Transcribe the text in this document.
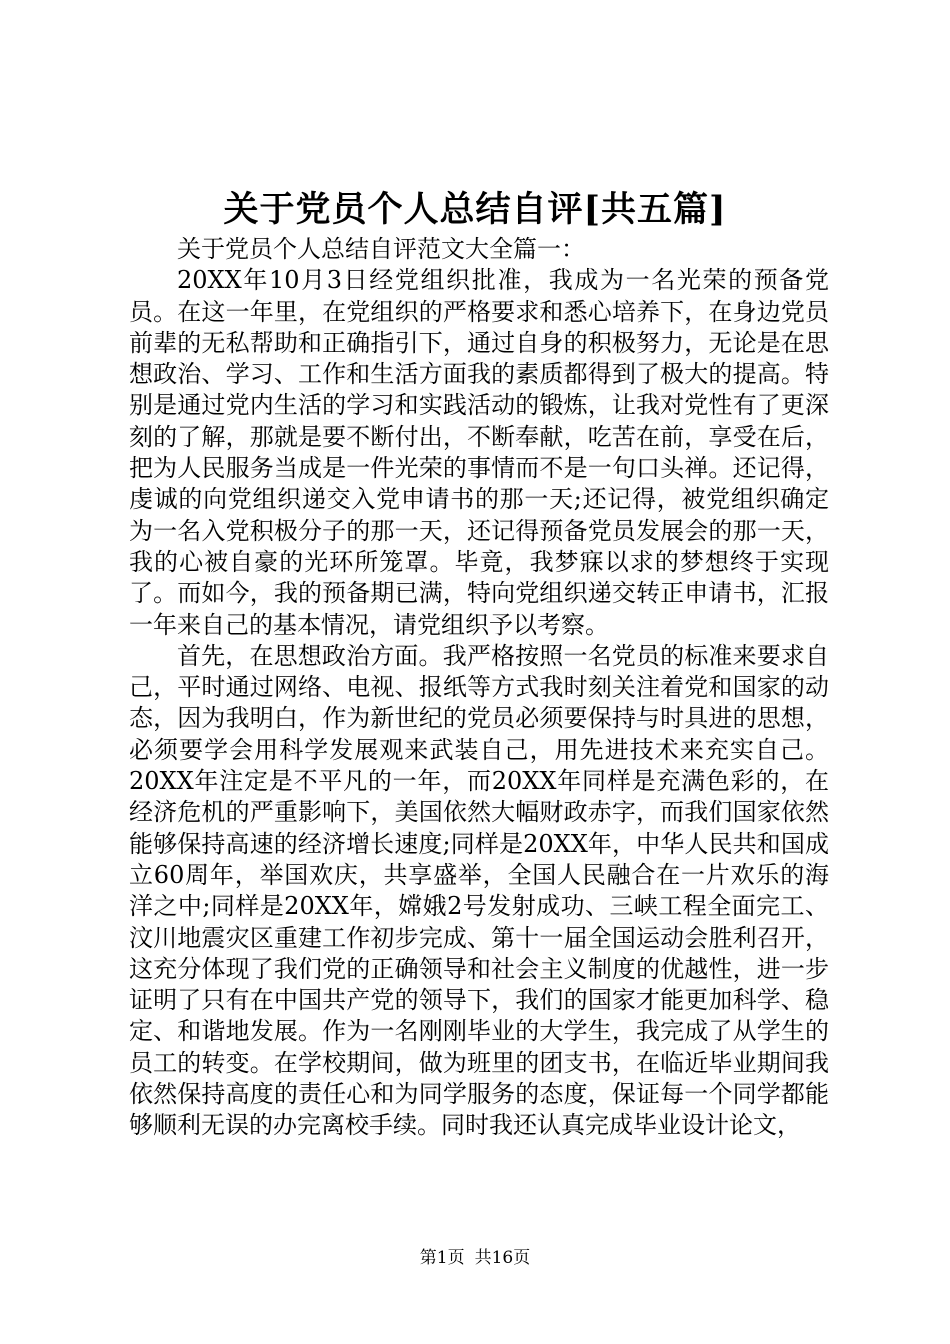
关于党员个人总结自评[共五篇]

关于党员个人总结自评范文大全篇一：

20XX年10月3日经党组织批准，我成为一名光荣的预备党员。在这一年里，在党组织的严格要求和悉心培养下，在身边党员前辈的无私帮助和正确指引下，通过自身的积极努力，无论是在思想政治、学习、工作和生活方面我的素质都得到了极大的提高。特别是通过党内生活的学习和实践活动的锻炼，让我对党性有了更深刻的了解，那就是要不断付出，不断奉献，吃苦在前，享受在后，把为人民服务当成是一件光荣的事情而不是一句口头禅。还记得，虔诚的向党组织递交入党申请书的那一天;还记得，被党组织确定为一名入党积极分子的那一天，还记得预备党员发展会的那一天，我的心被自豪的光环所笼罩。毕竟，我梦寐以求的梦想终于实现了。而如今，我的预备期已满，特向党组织递交转正申请书，汇报一年来自己的基本情况，请党组织予以考察。

首先，在思想政治方面。我严格按照一名党员的标准来要求自己，平时通过网络、电视、报纸等方式我时刻关注着党和国家的动态，因为我明白，作为新世纪的党员必须要保持与时具进的思想，必须要学会用科学发展观来武装自己，用先进技术来充实自己。20XX年注定是不平凡的一年，而20XX年同样是充满色彩的，在经济危机的严重影响下，美国依然大幅财政赤字，而我们国家依然能够保持高速的经济增长速度;同样是20XX年，中华人民共和国成立60周年，举国欢庆，共享盛举，全国人民融合在一片欢乐的海洋之中;同样是20XX年，嫦娥2号发射成功、三峡工程全面完工、汶川地震灾区重建工作初步完成、第十一届全国运动会胜利召开，这充分体现了我们党的正确领导和社会主义制度的优越性，进一步证明了只有在中国共产党的领导下，我们的国家才能更加科学、稳定、和谐地发展。作为一名刚刚毕业的大学生，我完成了从学生的员工的转变。在学校期间，做为班里的团支书，在临近毕业期间我依然保持高度的责任心和为同学服务的态度，保证每一个同学都能够顺利无误的办完离校手续。同时我还认真完成毕业设计论文，

第1页 共16页
